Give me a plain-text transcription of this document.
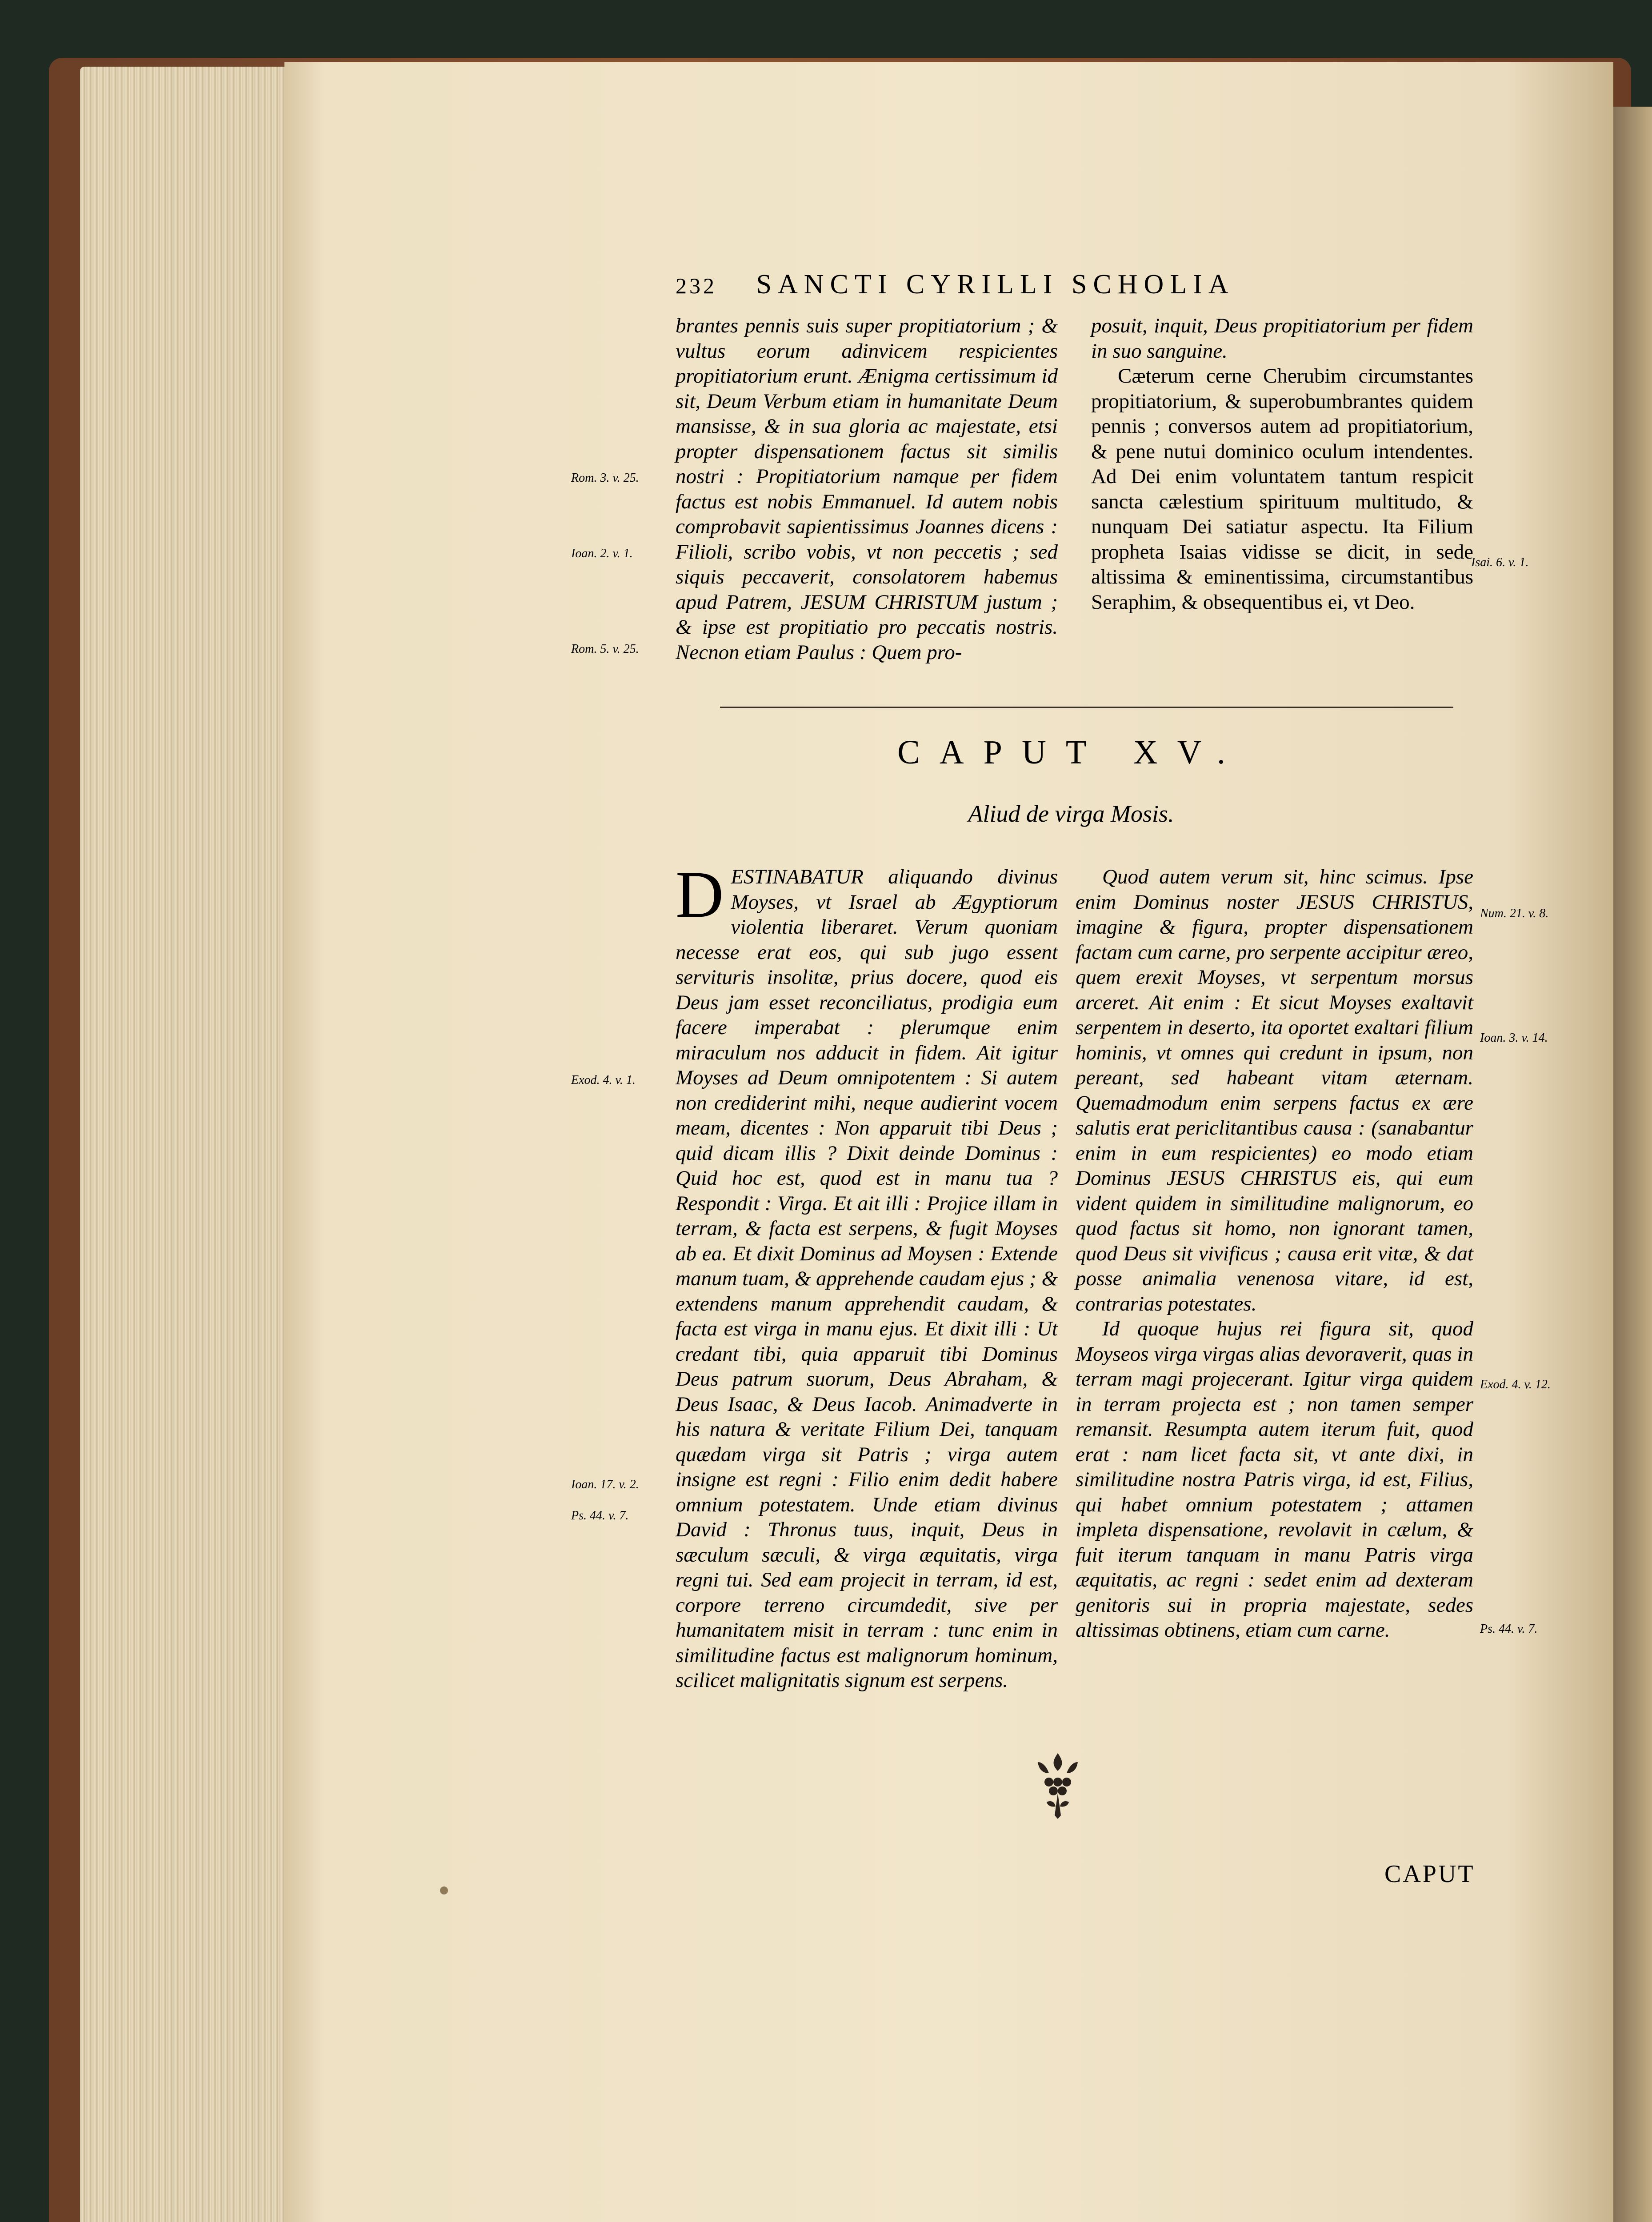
232 SANCTI CYRILLI SCHOLIA

brantes pennis suis super propitiatorium ; & vultus eorum adinvicem respicientes propitiatorium erunt. Ænigma certissimum id sit, Deum Verbum etiam in humanitate Deum mansisse, & in sua gloria ac majestate, etsi propter dispensationem factus sit similis nostri : Propitiatorium namque per fidem factus est nobis Emmanuel. Id autem nobis comprobavit sapientissimus Joannes dicens : Filioli, scribo vobis, vt non peccetis ; sed siquis peccaverit, consolatorem habemus apud Patrem, JESUM CHRISTUM justum ; & ipse est propitiatio pro peccatis nostris. Necnon etiam Paulus : Quem pro-

posuit, inquit, Deus propitiatorium per fidem in suo sanguine.

Cæterum cerne Cherubim circumstantes propitiatorium, & superobumbrantes quidem pennis ; conversos autem ad propitiatorium, & pene nutui dominico oculum intendentes. Ad Dei enim voluntatem tantum respicit sancta cælestium spirituum multitudo, & nunquam Dei satiatur aspectu. Ita Filium propheta Isaias vidisse se dicit, in sede altissima & eminentissima, circumstantibus Seraphim, & obsequentibus ei, vt Deo.

Rom. 3. v. 25.
Ioan. 2. v. 1.
Rom. 5. v. 25.
Isai. 6. v. 1.
CAPUT XV.
Aliud de virga Mosis.
D ESTINABATUR aliquando divinus Moyses, vt Israel ab Ægyptiorum violentia liberaret. Verum quoniam necesse erat eos, qui sub jugo essent servituris insolitæ, prius docere, quod eis Deus jam esset reconciliatus, prodigia eum facere imperabat : plerumque enim miraculum nos adducit in fidem. Ait igitur Moyses ad Deum omnipotentem : Si autem non crediderint mihi, neque audierint vocem meam, dicentes : Non apparuit tibi Deus ; quid dicam illis ? Dixit deinde Dominus : Quid hoc est, quod est in manu tua ? Respondit : Virga. Et ait illi : Projice illam in terram, & facta est serpens, & fugit Moyses ab ea. Et dixit Dominus ad Moysen : Extende manum tuam, & apprehende caudam ejus ; & extendens manum apprehendit caudam, & facta est virga in manu ejus. Et dixit illi : Ut credant tibi, quia apparuit tibi Dominus Deus patrum suorum, Deus Abraham, & Deus Isaac, & Deus Iacob. Animadverte in his natura & veritate Filium Dei, tanquam quædam virga sit Patris ; virga autem insigne est regni : Filio enim dedit habere omnium potestatem. Unde etiam divinus David : Thronus tuus, inquit, Deus in sæculum sæculi, & virga æquitatis, virga regni tui. Sed eam projecit in terram, id est, corpore terreno circumdedit, sive per humanitatem misit in terram : tunc enim in similitudine factus est malignorum hominum, scilicet malignitatis signum est serpens.

Quod autem verum sit, hinc scimus. Ipse enim Dominus noster JESUS CHRISTUS, imagine & figura, propter dispensationem factam cum carne, pro serpente accipitur æreo, quem erexit Moyses, vt serpentum morsus arceret. Ait enim : Et sicut Moyses exaltavit serpentem in deserto, ita oportet exaltari filium hominis, vt omnes qui credunt in ipsum, non pereant, sed habeant vitam æternam. Quemadmodum enim serpens factus ex ære salutis erat periclitantibus causa : (sanabantur enim in eum respicientes) eo modo etiam Dominus JESUS CHRISTUS eis, qui eum vident quidem in similitudine malignorum, eo quod factus sit homo, non ignorant tamen, quod Deus sit vivificus ; causa erit vitæ, & dat posse animalia venenosa vitare, id est, contrarias potestates.

Id quoque hujus rei figura sit, quod Moyseos virga virgas alias devoraverit, quas in terram magi projecerant. Igitur virga quidem in terram projecta est ; non tamen semper remansit. Resumpta autem iterum fuit, quod erat : nam licet facta sit, vt ante dixi, in similitudine nostra Patris virga, id est, Filius, qui habet omnium potestatem ; attamen impleta dispensatione, revolavit in cælum, & fuit iterum tanquam in manu Patris virga æquitatis, ac regni : sedet enim ad dexteram genitoris sui in propria majestate, sedes altissimas obtinens, etiam cum carne.

Exod. 4. v. 1.
Ioan. 17. v. 2.
Ps. 44. v. 7.
Num. 21. v. 8.
Ioan. 3. v. 14.
Exod. 4. v. 12.
Ps. 44. v. 7.
CAPUT
